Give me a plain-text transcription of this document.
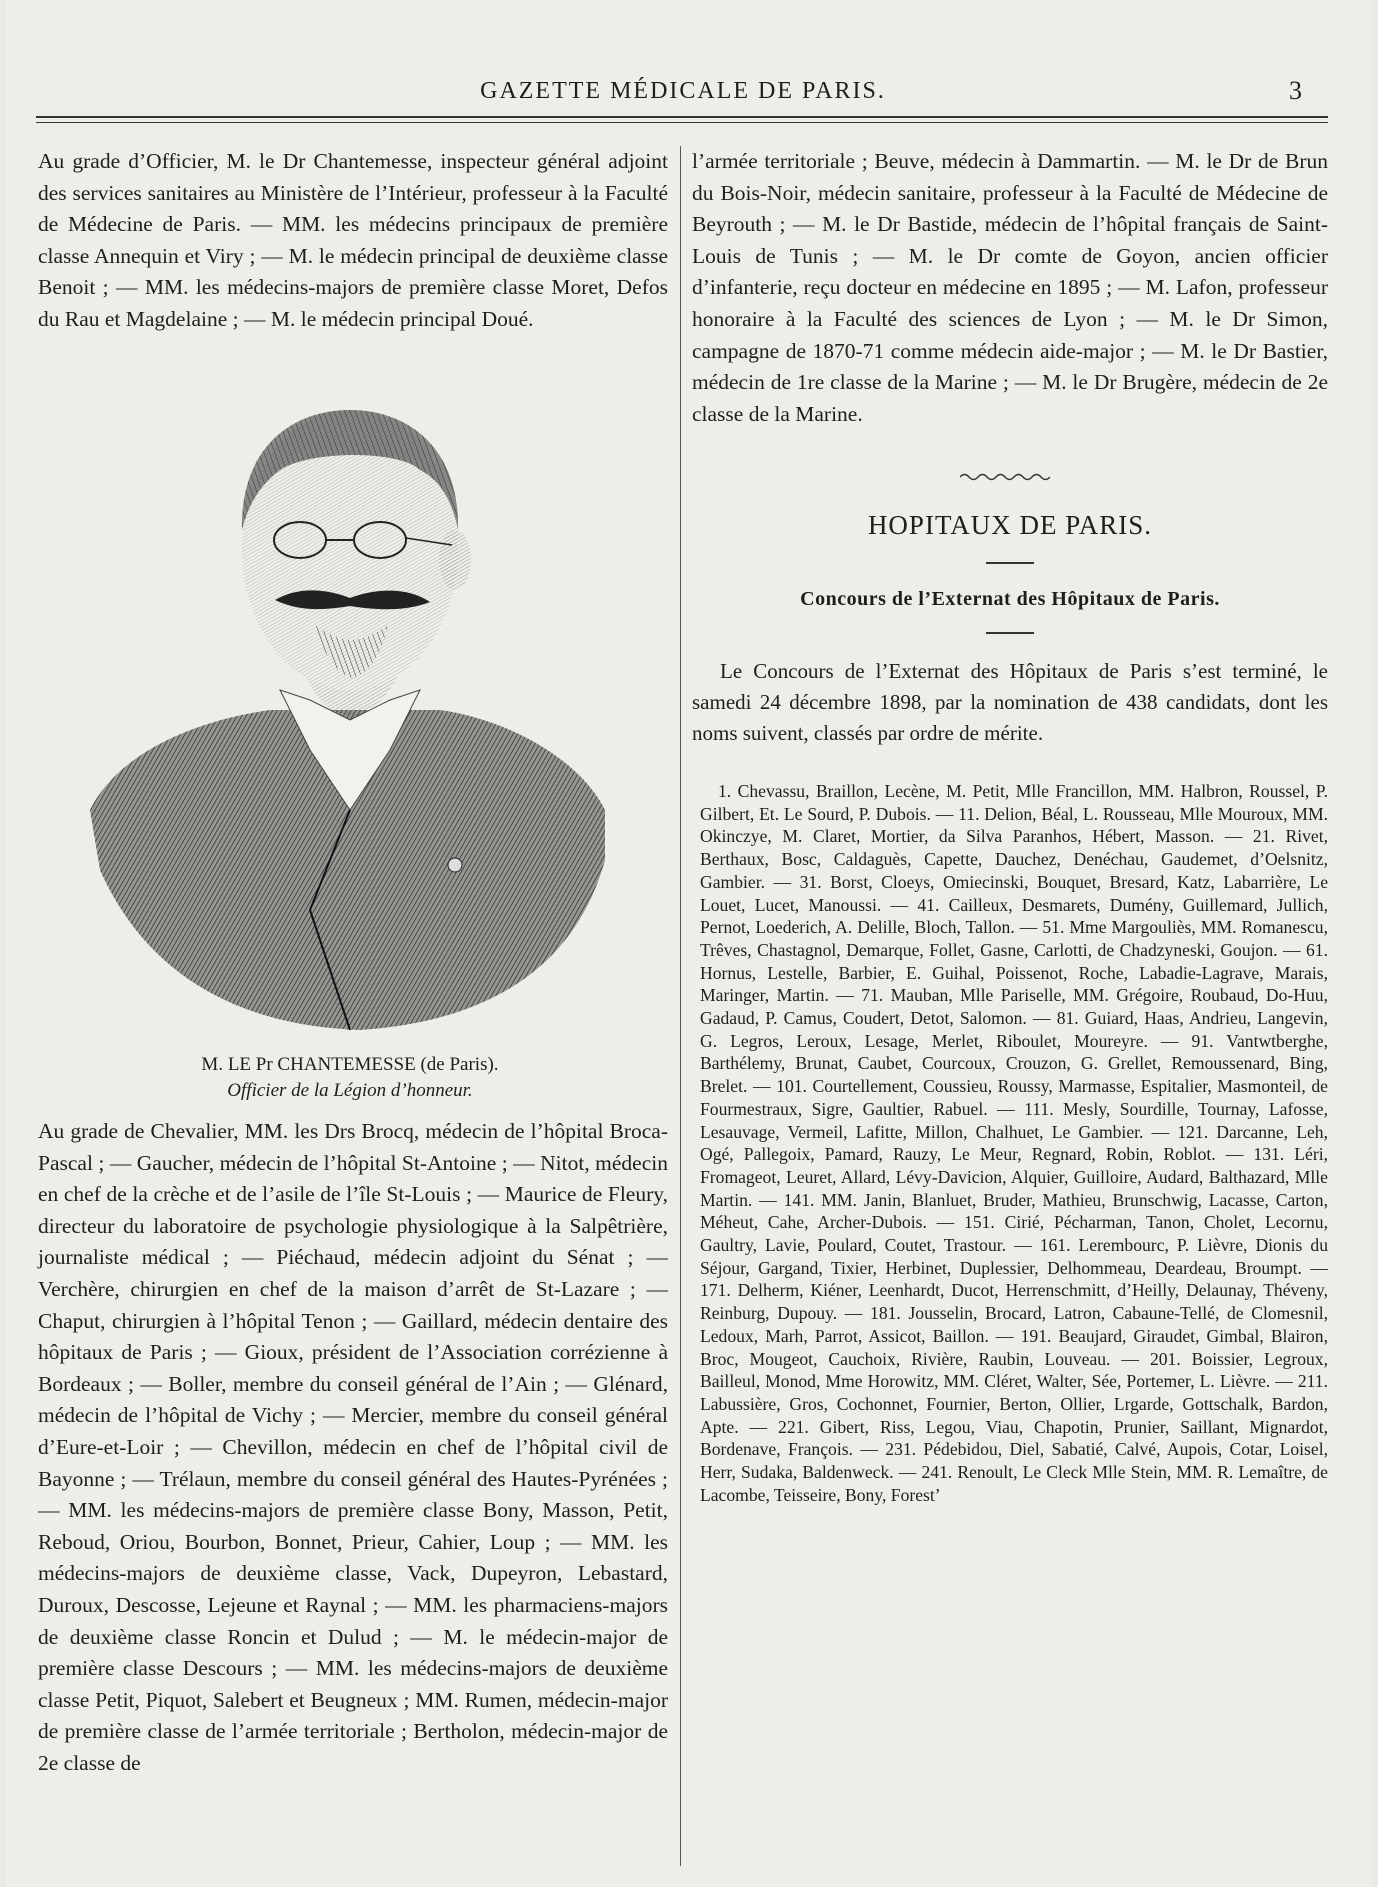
GAZETTE MÉDICALE DE PARIS.	3

Au grade d’Officier, M. le Dr Chantemesse, inspecteur général adjoint des services sanitaires au Ministère de l’Intérieur, professeur à la Faculté de Médecine de Paris. — MM. les médecins principaux de première classe Annequin et Viry ; — M. le médecin principal de deuxième classe Benoit ; — MM. les médecins-majors de première classe Moret, Defos du Rau et Magdelaine ; — M. le médecin principal Doué.

M. LE Pr CHANTEMESSE (de Paris).
Officier de la Légion d’honneur.

Au grade de Chevalier, MM. les Drs Brocq, médecin de l’hôpital Broca-Pascal ; — Gaucher, médecin de l’hôpital St-Antoine ; — Nitot, médecin en chef de la crèche et de l’asile de l’île St-Louis ; — Maurice de Fleury, directeur du laboratoire de psychologie physiologique à la Salpêtrière, journaliste médical ; — Piéchaud, médecin adjoint du Sénat ; — Verchère, chirurgien en chef de la maison d’arrêt de St-Lazare ; — Chaput, chirurgien à l’hôpital Tenon ; — Gaillard, médecin dentaire des hôpitaux de Paris ; — Gioux, président de l’Association corrézienne à Bordeaux ; — Boller, membre du conseil général de l’Ain ; — Glénard, médecin de l’hôpital de Vichy ; — Mercier, membre du conseil général d’Eure-et-Loir ; — Chevillon, médecin en chef de l’hôpital civil de Bayonne ; — Trélaun, membre du conseil général des Hautes-Pyrénées ; — MM. les médecins-majors de première classe Bony, Masson, Petit, Reboud, Oriou, Bourbon, Bonnet, Prieur, Cahier, Loup ; — MM. les médecins-majors de deuxième classe, Vack, Dupeyron, Lebastard, Duroux, Descosse, Lejeune et Raynal ; — MM. les pharmaciens-majors de deuxième classe Roncin et Dulud ; — M. le médecin-major de première classe Descours ; — MM. les médecins-majors de deuxième classe Petit, Piquot, Salebert et Beugneux ; MM. Rumen, médecin-major de première classe de l’armée territoriale ; Bertholon, médecin-major de 2e classe de

l’armée territoriale ; Beuve, médecin à Dammartin. — M. le Dr de Brun du Bois-Noir, médecin sanitaire, professeur à la Faculté de Médecine de Beyrouth ; — M. le Dr Bastide, médecin de l’hôpital français de Saint-Louis de Tunis ; — M. le Dr comte de Goyon, ancien officier d’infanterie, reçu docteur en médecine en 1895 ; — M. Lafon, professeur honoraire à la Faculté des sciences de Lyon ; — M. le Dr Simon, campagne de 1870-71 comme médecin aide-major ; — M. le Dr Bastier, médecin de 1re classe de la Marine ; — M. le Dr Brugère, médecin de 2e classe de la Marine.

HOPITAUX DE PARIS.
Concours de l’Externat des Hôpitaux de Paris.

Le Concours de l’Externat des Hôpitaux de Paris s’est terminé, le samedi 24 décembre 1898, par la nomination de 438 candidats, dont les noms suivent, classés par ordre de mérite.

1. Chevassu, Braillon, Lecène, M. Petit, Mlle Francillon, MM. Halbron, Roussel, P. Gilbert, Et. Le Sourd, P. Dubois. — 11. Delion, Béal, L. Rousseau, Mlle Mouroux, MM. Okinczye, M. Claret, Mortier, da Silva Paranhos, Hébert, Masson. — 21. Rivet, Berthaux, Bosc, Caldaguès, Capette, Dauchez, Denéchau, Gaudemet, d’Oelsnitz, Gambier. — 31. Borst, Cloeys, Omiecinski, Bouquet, Bresard, Katz, Labarrière, Le Louet, Lucet, Manoussi. — 41. Cailleux, Desmarets, Dumény, Guillemard, Jullich, Pernot, Loederich, A. Delille, Bloch, Tallon. — 51. Mme Margouliès, MM. Romanescu, Trêves, Chastagnol, Demarque, Follet, Gasne, Carlotti, de Chadzyneski, Goujon. — 61. Hornus, Lestelle, Barbier, E. Guihal, Poissenot, Roche, Labadie-Lagrave, Marais, Maringer, Martin. — 71. Mauban, Mlle Pariselle, MM. Grégoire, Roubaud, Do-Huu, Gadaud, P. Camus, Coudert, Detot, Salomon. — 81. Guiard, Haas, Andrieu, Langevin, G. Legros, Leroux, Lesage, Merlet, Riboulet, Moureyre. — 91. Vantwtberghe, Barthélemy, Brunat, Caubet, Courcoux, Crouzon, G. Grellet, Remoussenard, Bing, Brelet. — 101. Courtellement, Coussieu, Roussy, Marmasse, Espitalier, Masmonteil, de Fourmestraux, Sigre, Gaultier, Rabuel. — 111. Mesly, Sourdille, Tournay, Lafosse, Lesauvage, Vermeil, Lafitte, Millon, Chalhuet, Le Gambier. — 121. Darcanne, Leh, Ogé, Pallegoix, Pamard, Rauzy, Le Meur, Regnard, Robin, Roblot. — 131. Léri, Fromageot, Leuret, Allard, Lévy-Davicion, Alquier, Guilloire, Audard, Balthazard, Mlle Martin. — 141. MM. Janin, Blanluet, Bruder, Mathieu, Brunschwig, Lacasse, Carton, Méheut, Cahe, Archer-Dubois. — 151. Cirié, Pécharman, Tanon, Cholet, Lecornu, Gaultry, Lavie, Poulard, Coutet, Trastour. — 161. Lerembourc, P. Lièvre, Dionis du Séjour, Gargand, Tixier, Herbinet, Duplessier, Delhommeau, Deardeau, Broumpt. — 171. Delherm, Kiéner, Leenhardt, Ducot, Herrenschmitt, d’Heilly, Delaunay, Théveny, Reinburg, Dupouy. — 181. Jousselin, Brocard, Latron, Cabaune-Tellé, de Clomesnil, Ledoux, Marh, Parrot, Assicot, Baillon. — 191. Beaujard, Giraudet, Gimbal, Blairon, Broc, Mougeot, Cauchoix, Rivière, Raubin, Louveau. — 201. Boissier, Legroux, Bailleul, Monod, Mme Horowitz, MM. Cléret, Walter, Sée, Portemer, L. Lièvre. — 211. Labussière, Gros, Cochonnet, Fournier, Berton, Ollier, Lrgarde, Gottschalk, Bardon, Apte. — 221. Gibert, Riss, Legou, Viau, Chapotin, Prunier, Saillant, Mignardot, Bordenave, François. — 231. Pédebidou, Diel, Sabatié, Calvé, Aupois, Cotar, Loisel, Herr, Sudaka, Baldenweck. — 241. Renoult, Le Cleck Mlle Stein, MM. R. Lemaître, de Lacombe, Teisseire, Bony, Forest’
